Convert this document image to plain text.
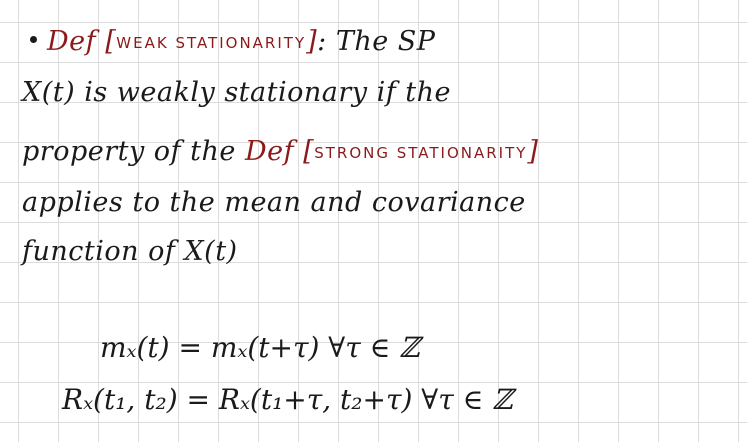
Def [WEAK STATIONARITY]: The SP
X(t) is weakly stationary if the
property of the Def [STRONG STATIONARITY]
applies to the mean and covariance
function of X(t)
mₓ(t) = mₓ(t+τ) ∀τ ∈ ℤ
Rₓ(t₁, t₂) = Rₓ(t₁+τ, t₂+τ) ∀τ ∈ ℤ
